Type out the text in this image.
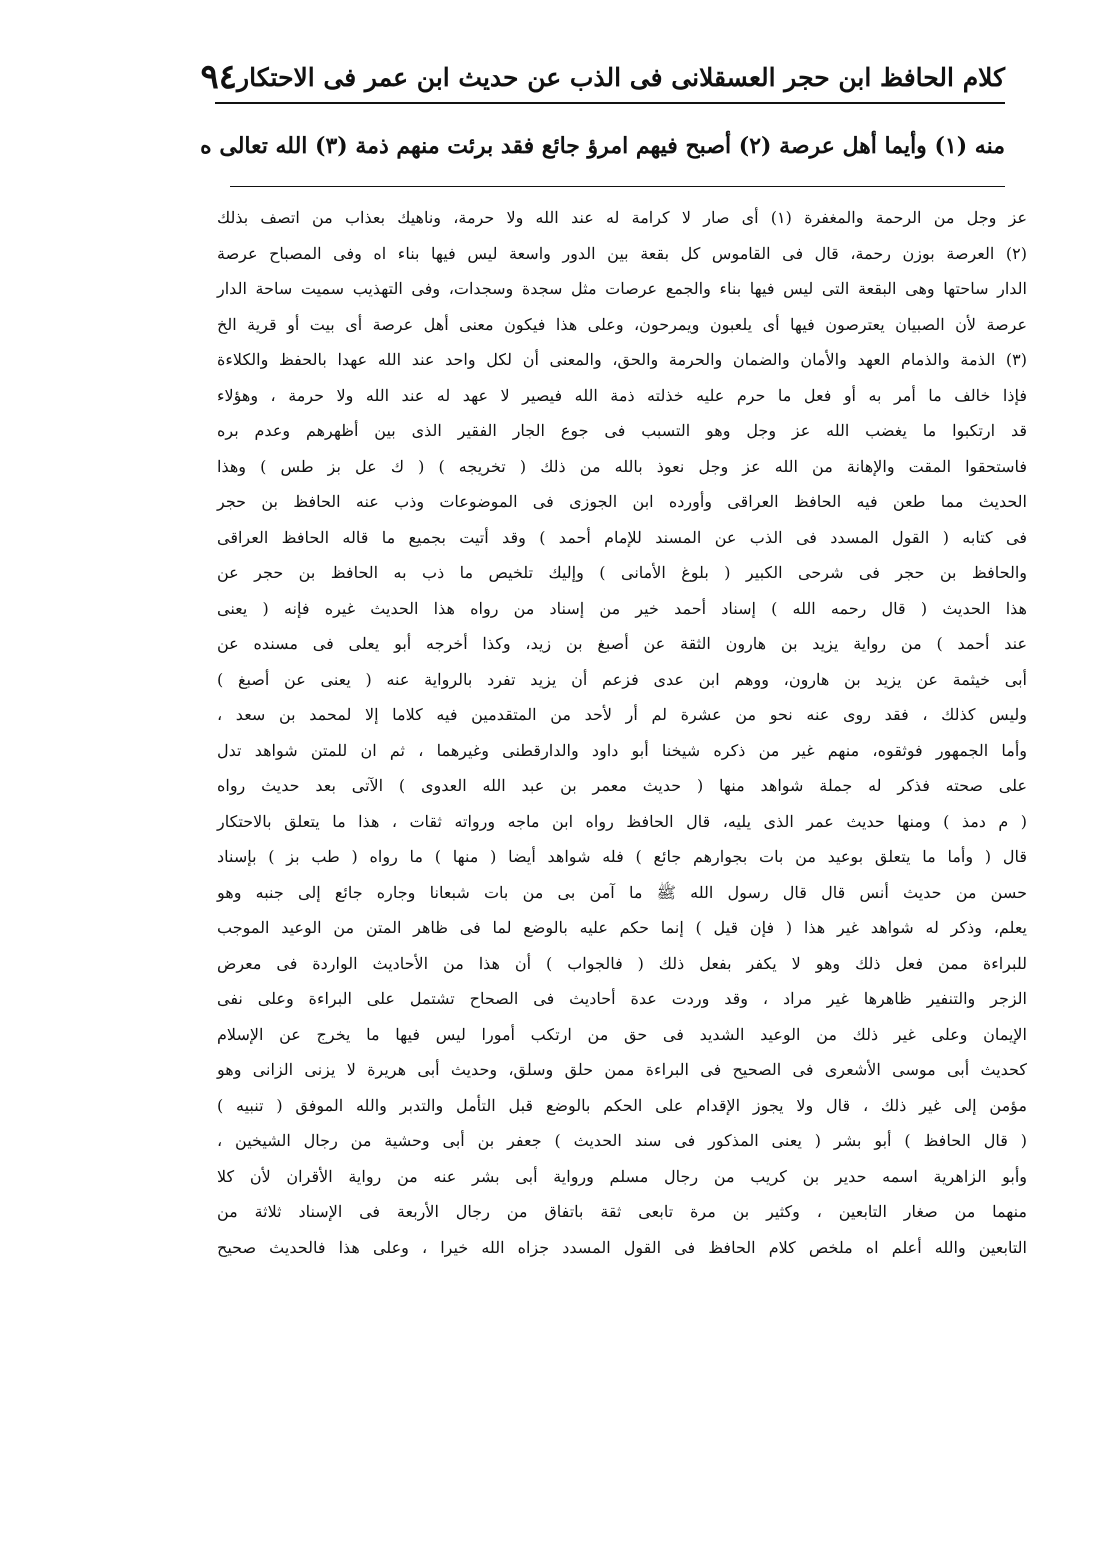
كلام الحافظ ابن حجر العسقلانى فى الذب عن حديث ابن عمر فى الاحتكار
٩٤
منه (١) وأيما أهل عرصة (٢) أصبح فيهم امرؤ جائع فقد برئت منهم ذمة (٣) الله تعالى ه
عز وجل من الرحمة والمغفرة (١) أى صار لا كرامة له عند الله ولا حرمة، وناهيك بعذاب من اتصف بذلك
(٢) العرصة بوزن رحمة، قال فى القاموس كل بقعة بين الدور واسعة ليس فيها بناء اه وفى المصباح عرصة
الدار ساحتها وهى البقعة التى ليس فيها بناء والجمع عرصات مثل سجدة وسجدات، وفى التهذيب سميت ساحة الدار
عرصة لأن الصبيان يعترصون فيها أى يلعبون ويمرحون، وعلى هذا فيكون معنى أهل عرصة أى بيت أو قرية الخ
(٣) الذمة والذمام العهد والأمان والضمان والحرمة والحق، والمعنى أن لكل واحد عند الله عهدا بالحفظ والكلاءة
فإذا خالف ما أمر به أو فعل ما حرم عليه خذلته ذمة الله فيصير لا عهد له عند الله ولا حرمة ، وهؤلاء
قد ارتكبوا ما يغضب الله عز وجل وهو التسبب فى جوع الجار الفقير الذى بين أظهرهم وعدم بره
فاستحقوا المقت والإهانة من الله عز وجل نعوذ بالله من ذلك ( تخريجه ) ( ك عل بز طس ) وهذا
الحديث مما طعن فيه الحافظ العراقى وأورده ابن الجوزى فى الموضوعات وذب عنه الحافظ بن حجر
فى كتابه ( القول المسدد فى الذب عن المسند للإمام أحمد ) وقد أتيت بجميع ما قاله الحافظ العراقى
والحافظ بن حجر فى شرحى الكبير ( بلوغ الأمانى ) وإليك تلخيص ما ذب به الحافظ بن حجر عن
هذا الحديث ( قال رحمه الله ) إسناد أحمد خير من إسناد من رواه هذا الحديث غيره فإنه ( يعنى
عند أحمد ) من رواية يزيد بن هارون الثقة عن أصبغ بن زيد، وكذا أخرجه أبو يعلى فى مسنده عن
أبى خيثمة عن يزيد بن هارون، ووهم ابن عدى فزعم أن يزيد تفرد بالرواية عنه ( يعنى عن أصبغ )
وليس كذلك ، فقد روى عنه نحو من عشرة لم أر لأحد من المتقدمين فيه كلاما إلا لمحمد بن سعد ،
وأما الجمهور فوثقوه، منهم غير من ذكره شيخنا أبو داود والدارقطنى وغيرهما ، ثم ان للمتن شواهد تدل
على صحته فذكر له جملة شواهد منها ( حديث معمر بن عبد الله العدوى ) الآتى بعد حديث رواه
( م دمذ ) ومنها حديث عمر الذى يليه، قال الحافظ رواه ابن ماجه ورواته ثقات ، هذا ما يتعلق بالاحتكار
قال ( وأما ما يتعلق بوعيد من بات بجوارهم جائع ) فله شواهد أيضا ( منها ) ما رواه ( طب بز ) بإسناد
حسن من حديث أنس قال قال رسول الله ﷺ ما آمن بى من بات شبعانا وجاره جائع إلى جنبه وهو
يعلم، وذكر له شواهد غير هذا ( فإن قيل ) إنما حكم عليه بالوضع لما فى ظاهر المتن من الوعيد الموجب
للبراءة ممن فعل ذلك وهو لا يكفر بفعل ذلك ( فالجواب ) أن هذا من الأحاديث الواردة فى معرض
الزجر والتنفير ظاهرها غير مراد ، وقد وردت عدة أحاديث فى الصحاح تشتمل على البراءة وعلى نفى
الإيمان وعلى غير ذلك من الوعيد الشديد فى حق من ارتكب أمورا ليس فيها ما يخرج عن الإسلام
كحديث أبى موسى الأشعرى فى الصحيح فى البراءة ممن حلق وسلق، وحديث أبى هريرة لا يزنى الزانى وهو
مؤمن إلى غير ذلك ، قال ولا يجوز الإقدام على الحكم بالوضع قبل التأمل والتدبر والله الموفق ( تنبيه )
( قال الحافظ ) أبو بشر ( يعنى المذكور فى سند الحديث ) جعفر بن أبى وحشية من رجال الشيخين ،
وأبو الزاهرية اسمه حدير بن كريب من رجال مسلم ورواية أبى بشر عنه من رواية الأقران لأن كلا
منهما من صغار التابعين ، وكثير بن مرة تابعى ثقة باتفاق من رجال الأربعة فى الإسناد ثلاثة من
التابعين والله أعلم اه ملخص كلام الحافظ فى القول المسدد جزاه الله خيرا ، وعلى هذا فالحديث صحيح
